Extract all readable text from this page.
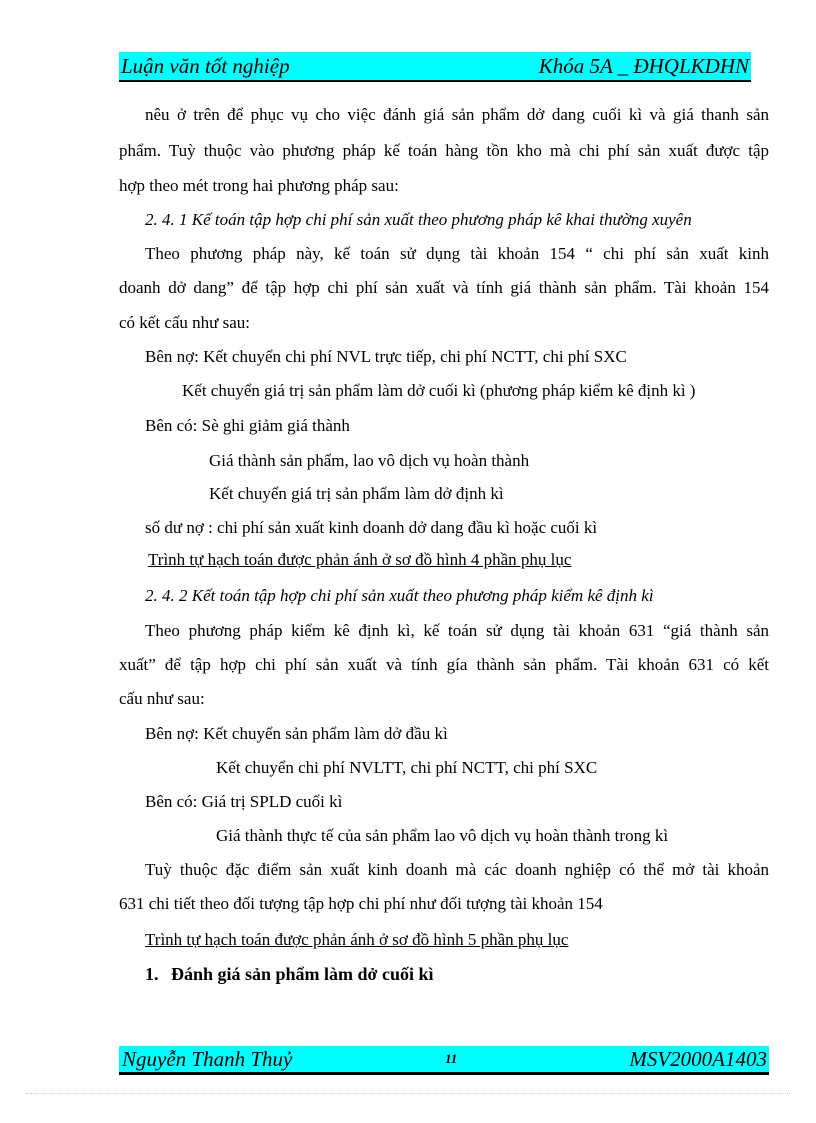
Luận văn tốt nghiệp	Khóa 5A _ ĐHQLKDHN
nêu ở trên để phục vụ cho việc đánh giá sản phẩm dở dang cuối kì và giá thanh sản
phẩm. Tuỳ thuộc vào phương pháp kế toán hàng tồn kho mà chi phí sản xuất được tập
hợp theo mét trong hai phương pháp sau:
2. 4. 1 Kế toán tập hợp chi phí sản xuất theo phương pháp kê khai thường xuyên
Theo phương pháp này, kế toán sử dụng tài khoản 154 “ chi phí sản xuất kinh
doanh dở dang” để tập hợp chi phí sản xuất và tính giá thành sản phẩm. Tài khoản 154
có kết cấu như sau:
Bên nợ: Kết chuyển chi phí NVL trực tiếp, chi phí NCTT, chi phí SXC
Kết chuyển giá trị sản phẩm làm dở cuối kì (phương pháp kiểm kê định kì )
Bên có: Sè ghi giảm giá thành
Giá thành sản phẩm, lao vô dịch vụ hoàn thành
Kết chuyển giá trị sản phẩm làm dở định kì
số dư nợ : chi phí sản xuất kinh doanh dở dang đầu kì hoặc cuối kì
Trình tự hạch toán được phản ánh ở sơ đồ hình 4 phần phụ lục
2. 4. 2 Kết toán tập hợp chi phí sản xuất theo phương pháp kiểm kê định kì
Theo phương pháp kiểm kê định kì, kế toán sử dụng tài khoản 631 “giá thành sản
xuất” để tập hợp chi phí sản xuất và tính gía thành sản phẩm. Tài khoản 631 có kết
cấu như sau:
Bên nợ: Kết chuyển sản phẩm làm dở đầu kì
Kết chuyển chi phí NVLTT, chi phí NCTT, chi phí SXC
Bên có: Giá trị SPLD cuối kì
Giá thành thực tế của sản phẩm lao vô dịch vụ hoàn thành trong kì
Tuỳ thuộc đặc điểm sản xuất kinh doanh mà các doanh nghiệp có thể mở tài khoản
631 chi tiết theo đối tượng tập hợp chi phí như đối tượng tài khoản 154
Trình tự hạch toán được phản ánh ở sơ đồ hình 5 phần phụ lục
1. Đánh giá sản phẩm làm dở cuối kì
Nguyễn Thanh Thuỷ	11	MSV2000A1403
